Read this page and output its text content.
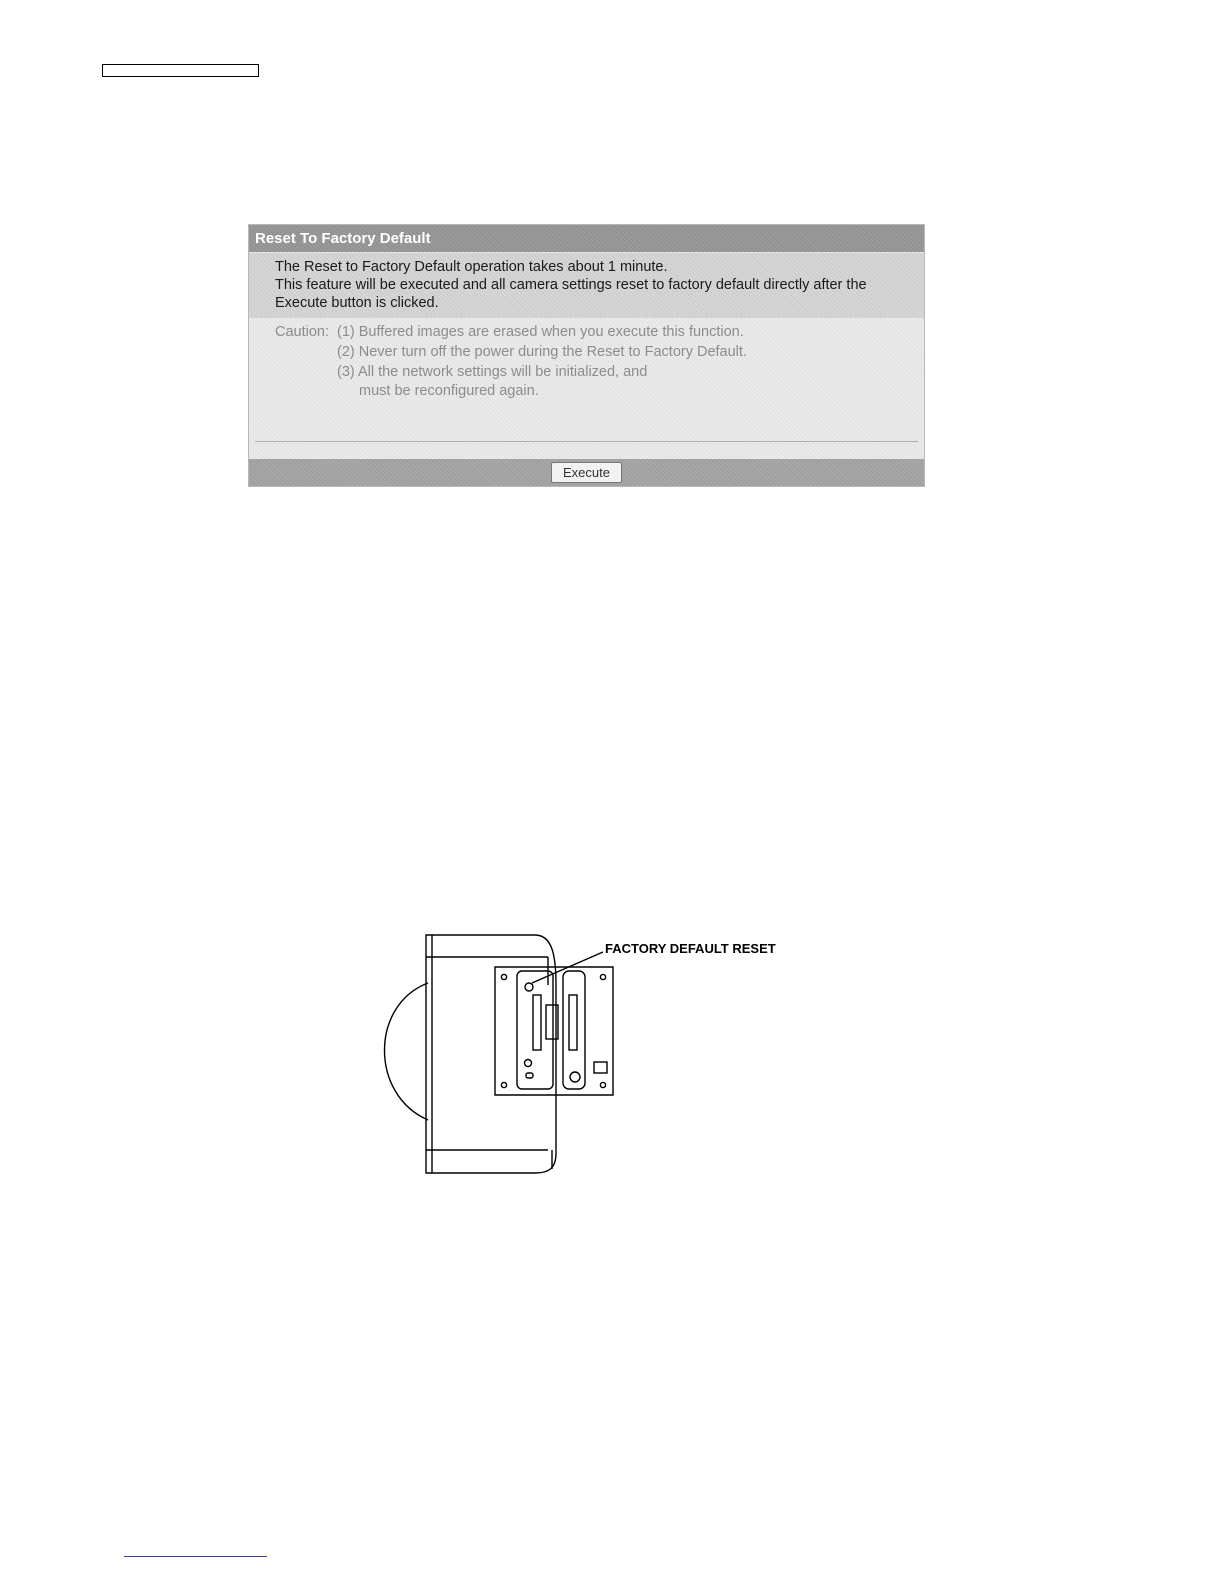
Reset To Factory Default
The Reset to Factory Default operation takes about 1 minute.
This feature will be executed and all camera settings reset to factory default directly after the
Execute button is clicked.
Caution: (1) Buffered images are erased when you execute this function.
(2) Never turn off the power during the Reset to Factory Default.
(3) All the network settings will be initialized, and
must be reconfigured again.
Execute
FACTORY DEFAULT RESET
